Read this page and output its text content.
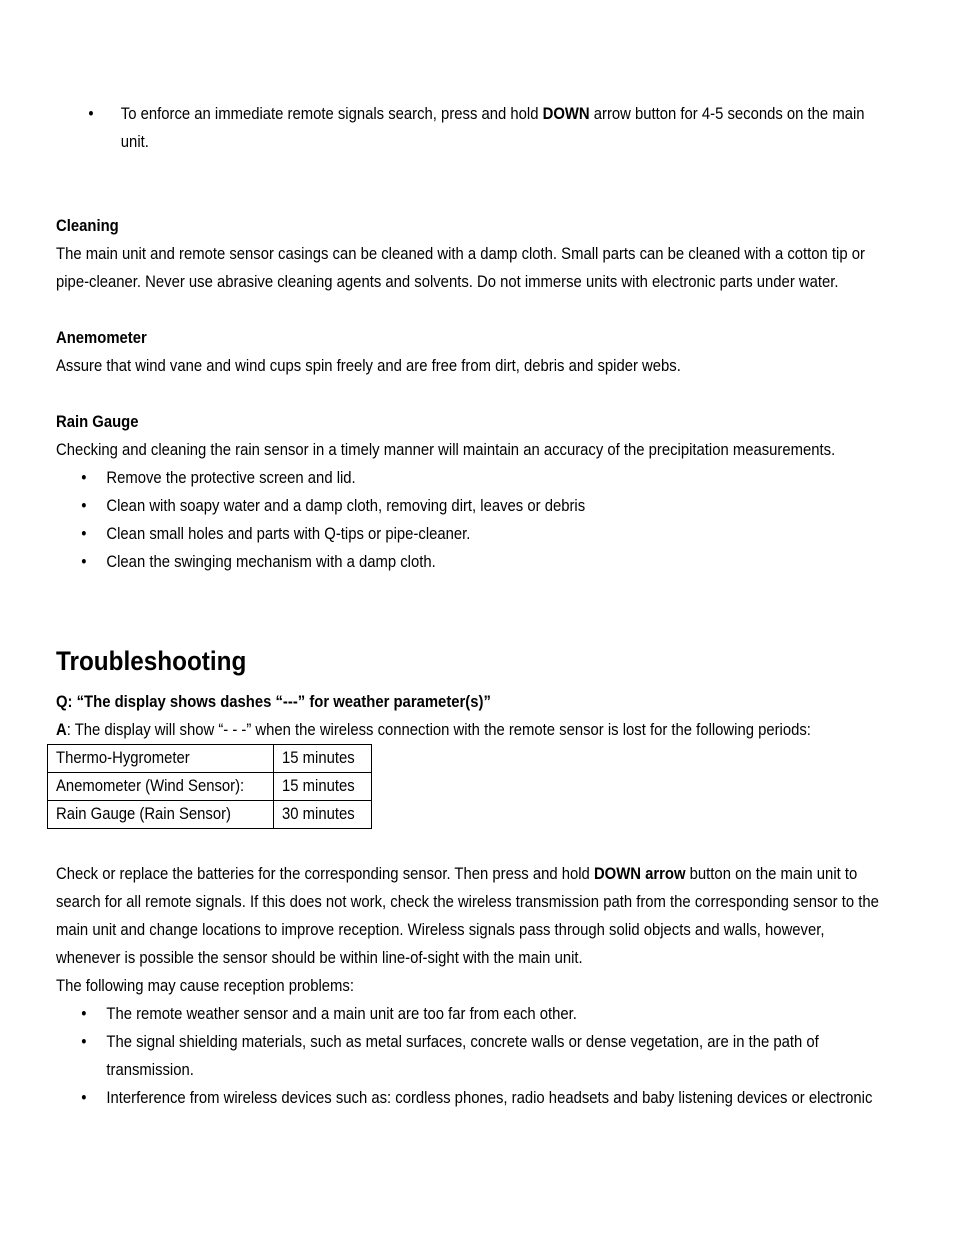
•	To enforce an immediate remote signals search, press and hold DOWN arrow button for 4-5 seconds on the main
unit.
Cleaning
The main unit and remote sensor casings can be cleaned with a damp cloth. Small parts can be cleaned with a cotton tip or
pipe-cleaner. Never use abrasive cleaning agents and solvents. Do not immerse units with electronic parts under water.
Anemometer
Assure that wind vane and wind cups spin freely and are free from dirt, debris and spider webs.
Rain Gauge
Checking and cleaning the rain sensor in a timely manner will maintain an accuracy of the precipitation measurements.
• Remove the protective screen and lid.
• Clean with soapy water and a damp cloth, removing dirt, leaves or debris
• Clean small holes and parts with Q-tips or pipe-cleaner.
• Clean the swinging mechanism with a damp cloth.
Troubleshooting
Q: “The display shows dashes “---” for weather parameter(s)”
A: The display will show “- - -” when the wireless connection with the remote sensor is lost for the following periods:
Thermo-Hygrometer	15 minutes
Anemometer (Wind Sensor):	15 minutes
Rain Gauge (Rain Sensor)	30 minutes
Check or replace the batteries for the corresponding sensor. Then press and hold DOWN arrow button on the main unit to
search for all remote signals. If this does not work, check the wireless transmission path from the corresponding sensor to the
main unit and change locations to improve reception. Wireless signals pass through solid objects and walls, however,
whenever is possible the sensor should be within line-of-sight with the main unit.
The following may cause reception problems:
• The remote weather sensor and a main unit are too far from each other.
• The signal shielding materials, such as metal surfaces, concrete walls or dense vegetation, are in the path of
transmission.
• Interference from wireless devices such as: cordless phones, radio headsets and baby listening devices or electronic
